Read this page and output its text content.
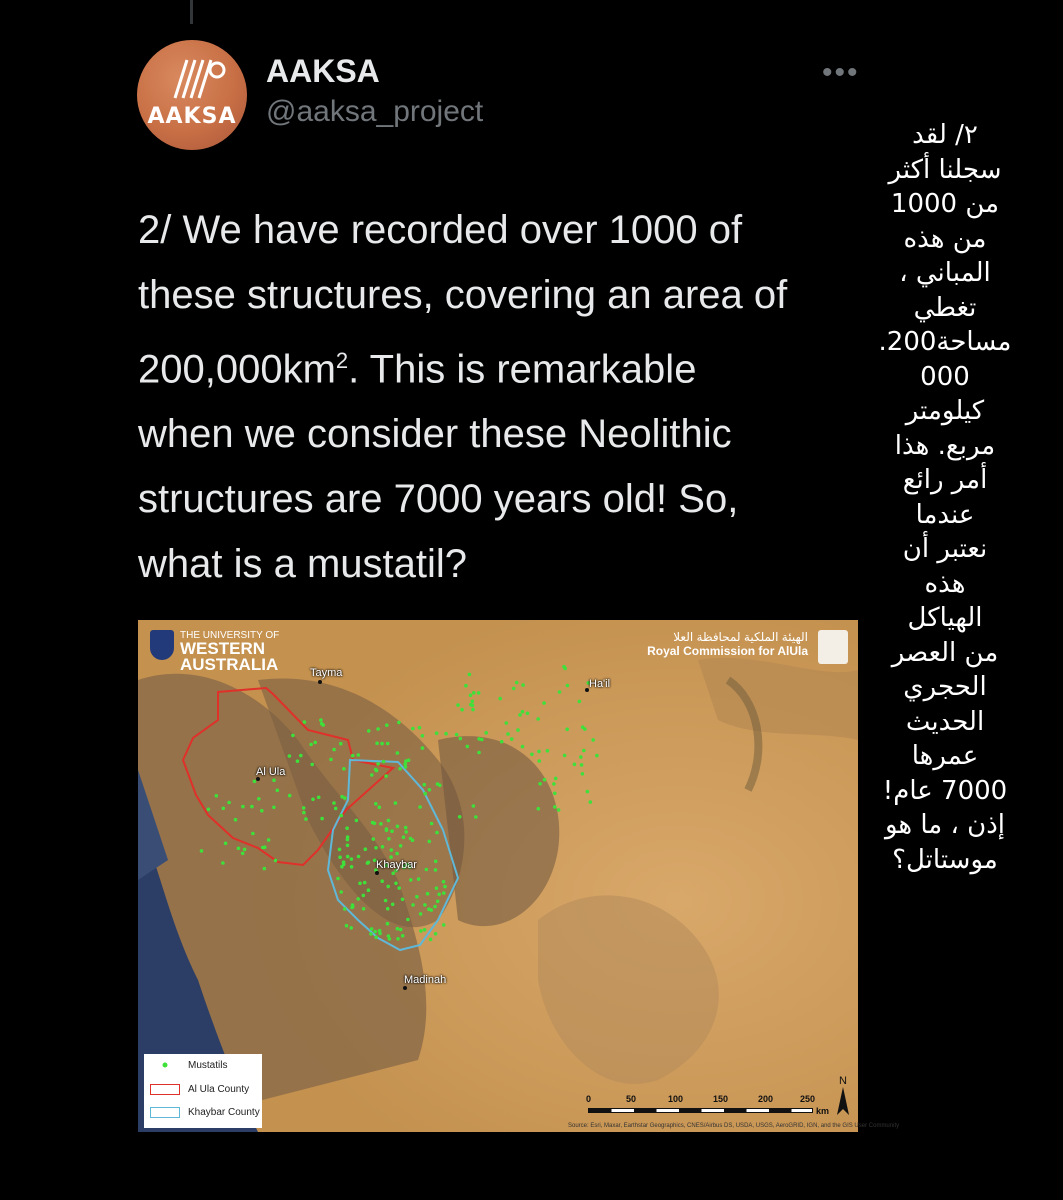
AAKSA
AAKSA
@aaksa_project
•••
2/ We have recorded over 1000 of
these structures, covering an area of
$200,000km^2$. This is remarkable
when we consider these Neolithic
structures are 7000 years old! So,
what is a mustatil?
٢/ لقد
سجلنا أكثر
من 1000
من هذه
المباني ،
تغطي
مساحة200.
000
كيلومتر
مربع. هذا
أمر رائع
عندما
نعتبر أن
هذه
الهياكل
من العصر
الحجري
الحديث
عمرها
7000 عام!
إذن ، ما هو
موستاتل؟
THE UNIVERSITY OF
WESTERN
AUSTRALIA
الهيئة الملكية لمحافظة العلا
Royal Commission for AlUla
Tayma
Ha'il
Al Ula
Khaybar
Madinah
Mustatils
Al Ula County
Khaybar County
0	50	100	150	200	250
km
N
Source: Esri, Maxar, Earthstar Geographics, CNES/Airbus DS, USDA, USGS, AeroGRID, IGN, and the GIS User Community
